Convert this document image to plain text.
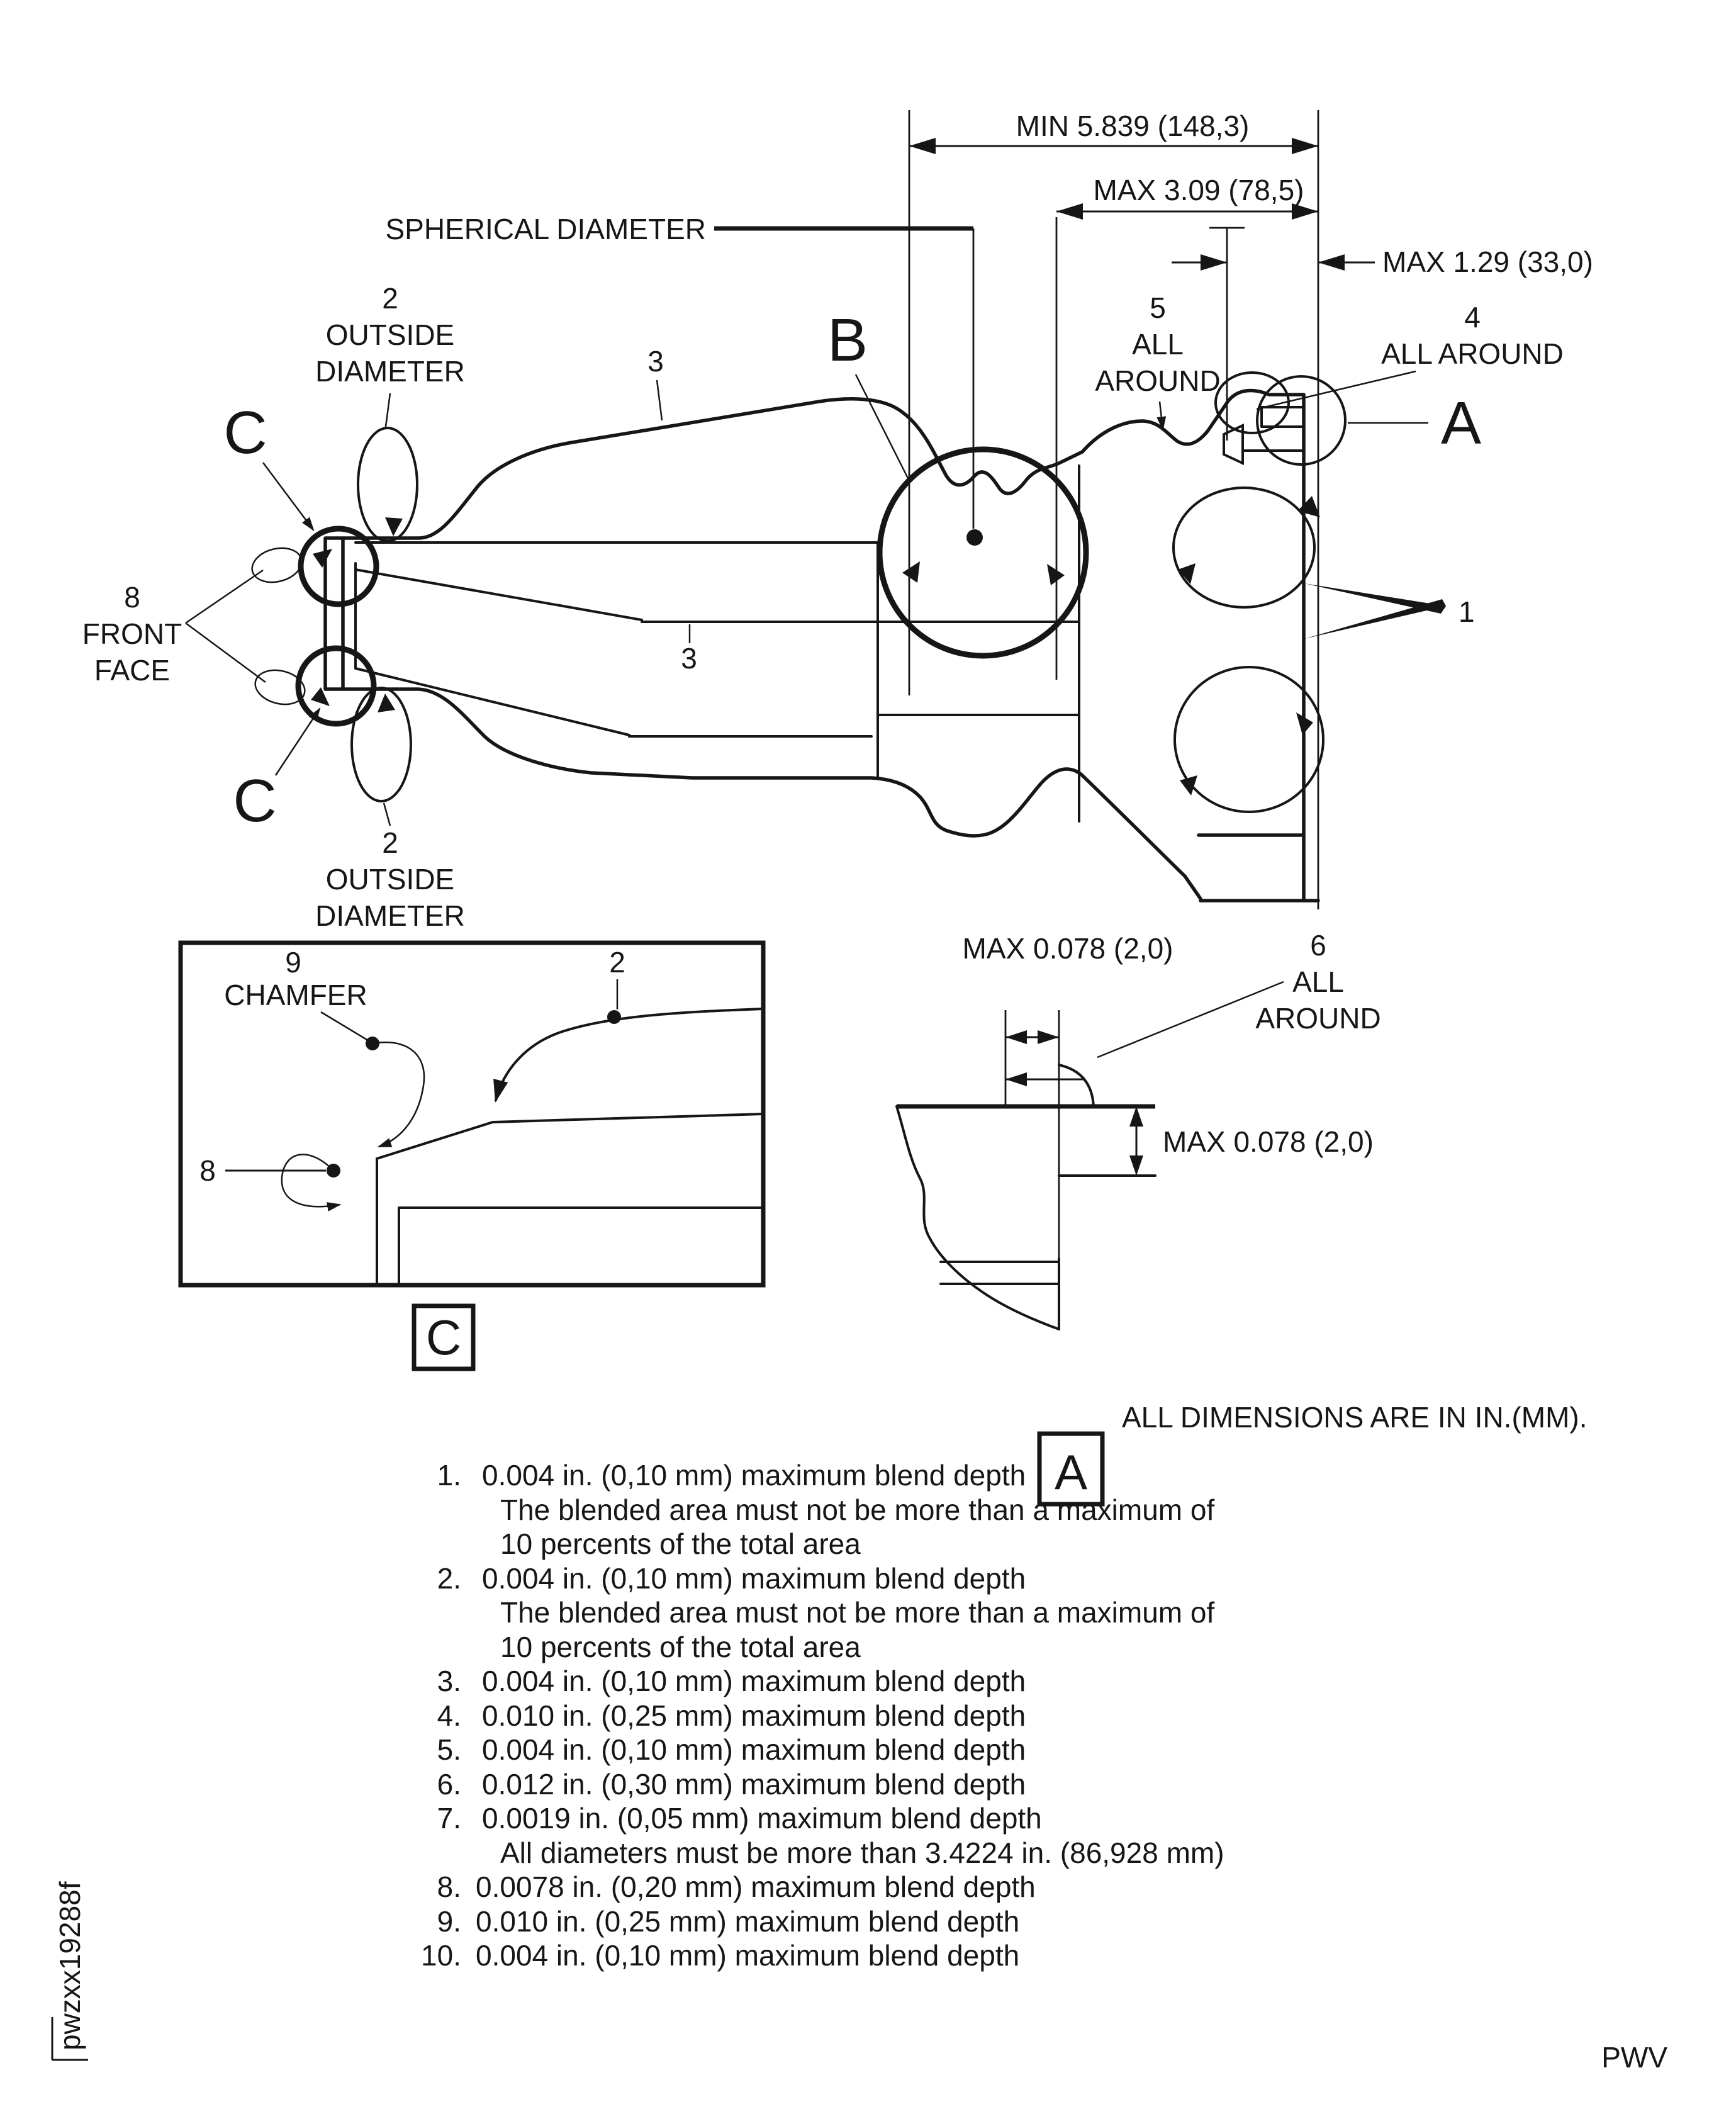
MIN 5.839 (148,3)
MAX 3.09 (78,5)
MAX 1.29 (33,0)
SPHERICAL DIAMETER
2
OUTSIDE
DIAMETER
2
OUTSIDE
DIAMETER
3
3
B	5
ALL
AROUND
4
ALL AROUND
A
C
C
8
FRONT
FACE
1
9
CHAMFER
2
8
C
MAX 0.078 (2,0)	6
ALL
AROUND
MAX 0.078 (2,0)
A
ALL DIMENSIONS ARE IN IN.(MM).
1. 0.004 in. (0,10 mm) maximum blend depth
The blended area must not be more than a maximum of
10 percents of the total area
2. 0.004 in. (0,10 mm) maximum blend depth
The blended area must not be more than a maximum of
10 percents of the total area
3. 0.004 in. (0,10 mm) maximum blend depth
4. 0.010 in. (0,25 mm) maximum blend depth
5. 0.004 in. (0,10 mm) maximum blend depth
6. 0.012 in. (0,30 mm) maximum blend depth
7. 0.0019 in. (0,05 mm) maximum blend depth
All diameters must be more than 3.4224 in. (86,928 mm)
8. 0.0078 in. (0,20 mm) maximum blend depth
9. 0.010 in. (0,25 mm) maximum blend depth
10. 0.004 in. (0,10 mm) maximum blend depth
pwzxx19288f
PWV
